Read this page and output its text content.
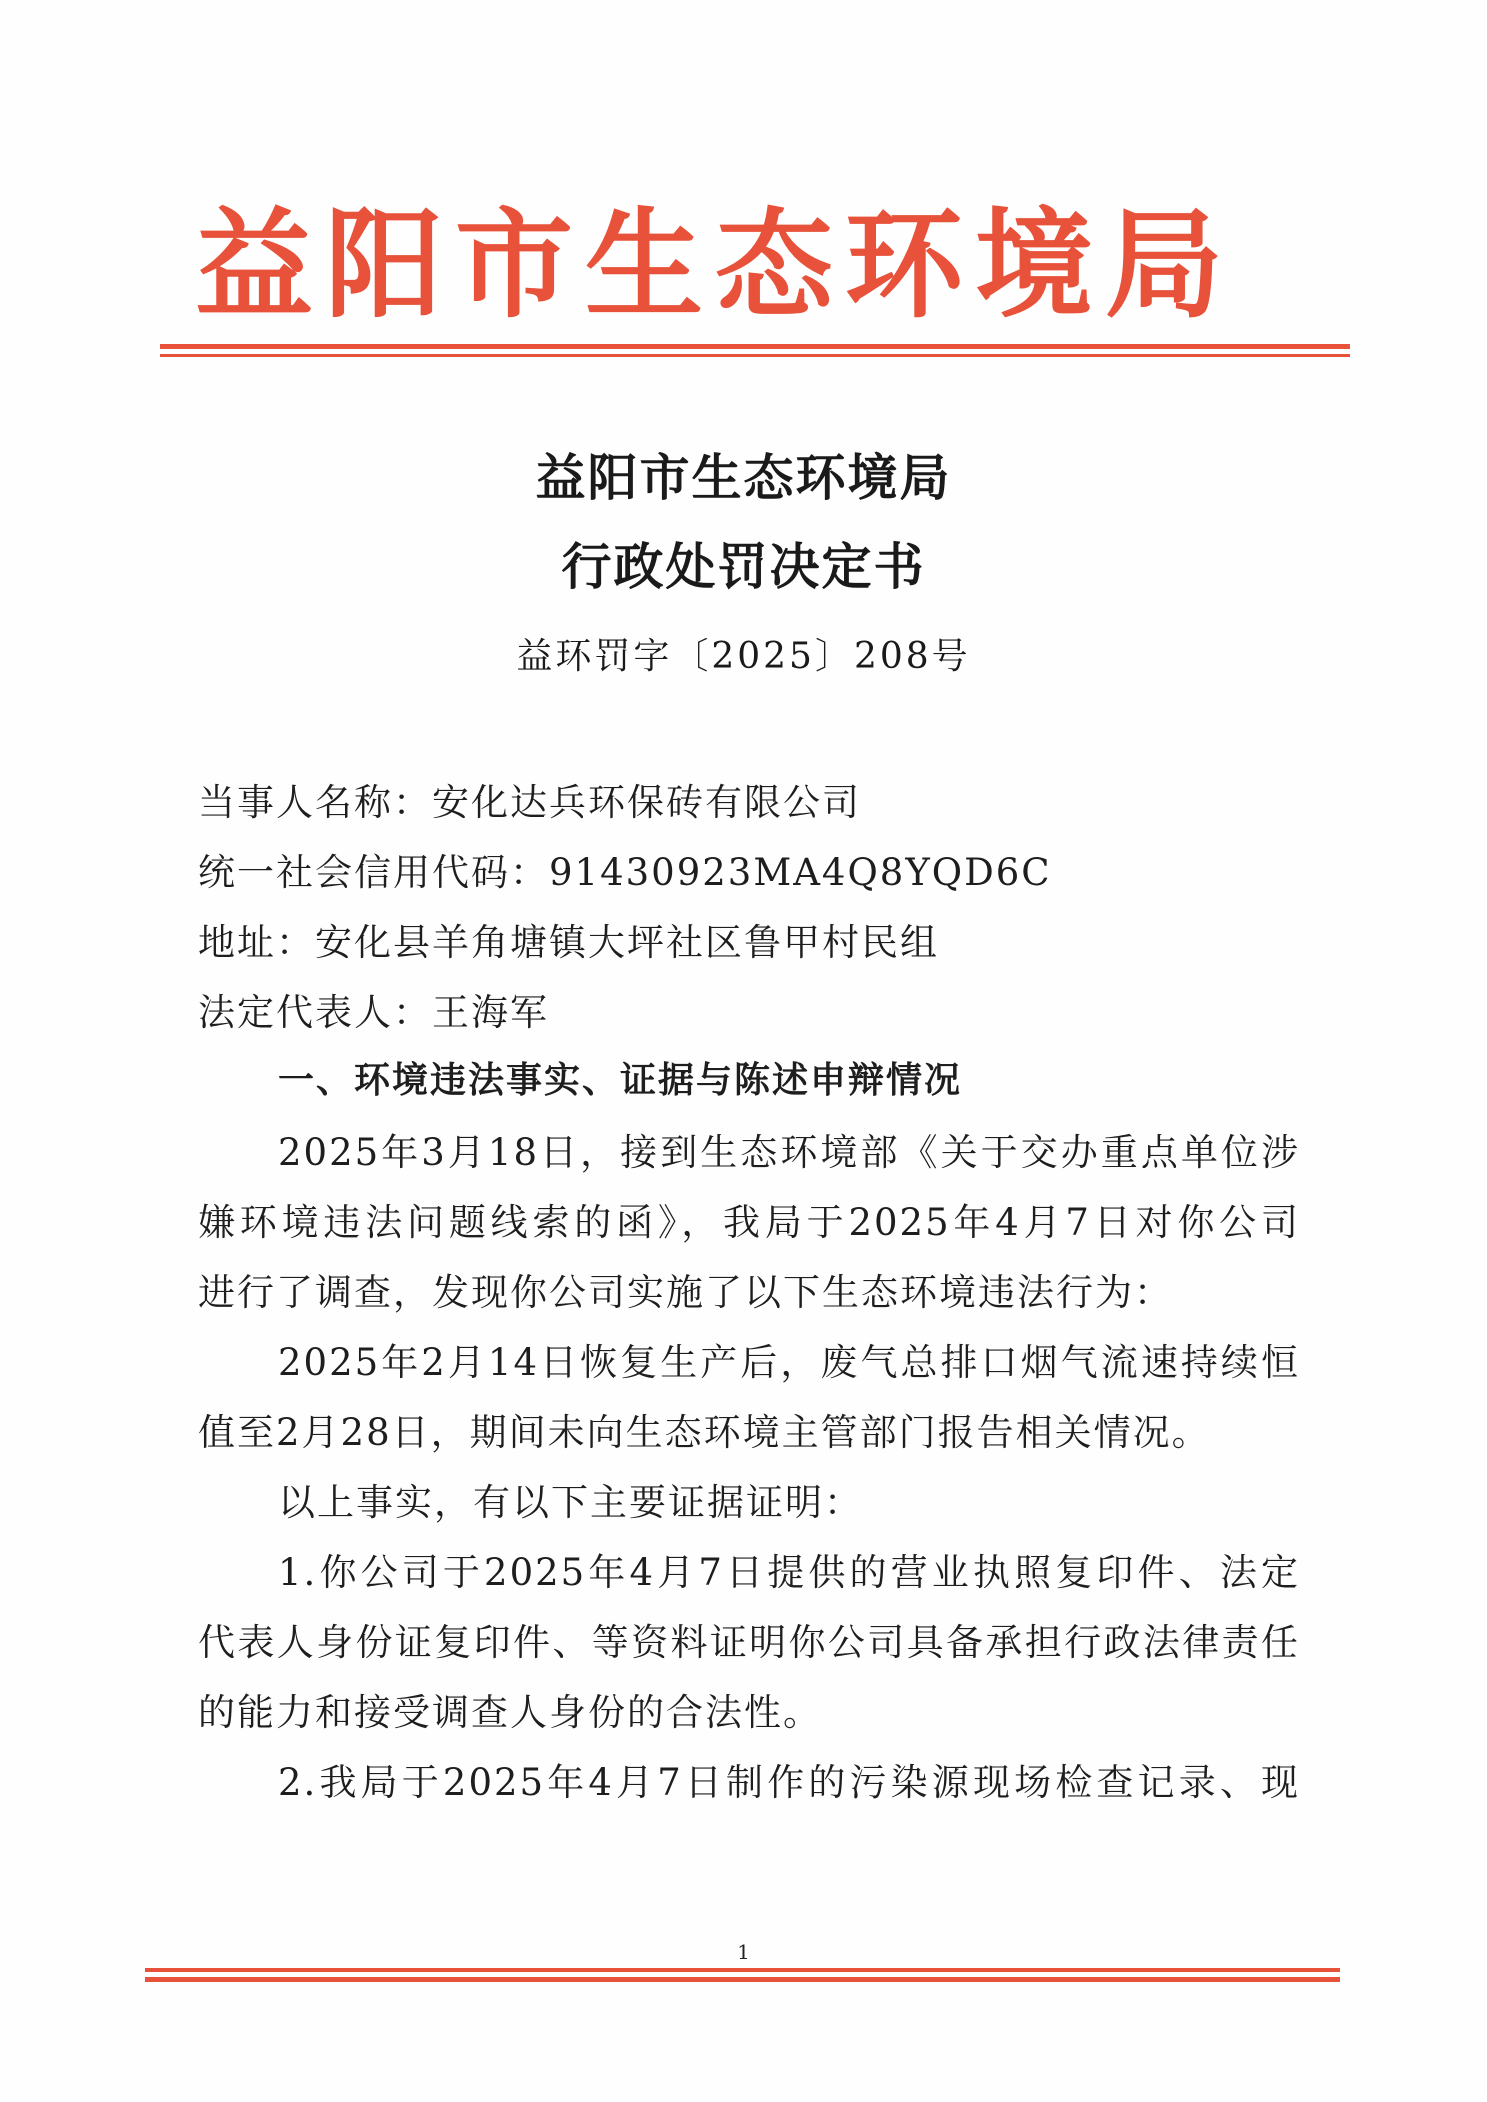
益阳市生态环境局
益阳市生态环境局
行政处罚决定书
益环罚字〔2025〕208号
当事人名称：安化达兵环保砖有限公司
统一社会信用代码：91430923MA4Q8YQD6C
地址：安化县羊角塘镇大坪社区鲁甲村民组
法定代表人：王海军
一、环境违法事实、证据与陈述申辩情况
2025年3月18日，接到生态环境部《关于交办重点单位涉
嫌环境违法问题线索的函》，我局于2025年4月7日对你公司
进行了调查，发现你公司实施了以下生态环境违法行为：
2025年2月14日恢复生产后，废气总排口烟气流速持续恒
值至2月28日，期间未向生态环境主管部门报告相关情况。
以上事实，有以下主要证据证明：
1.你公司于2025年4月7日提供的营业执照复印件、法定
代表人身份证复印件、等资料证明你公司具备承担行政法律责任
的能力和接受调查人身份的合法性。
2.我局于2025年4月7日制作的污染源现场检查记录、现
1
